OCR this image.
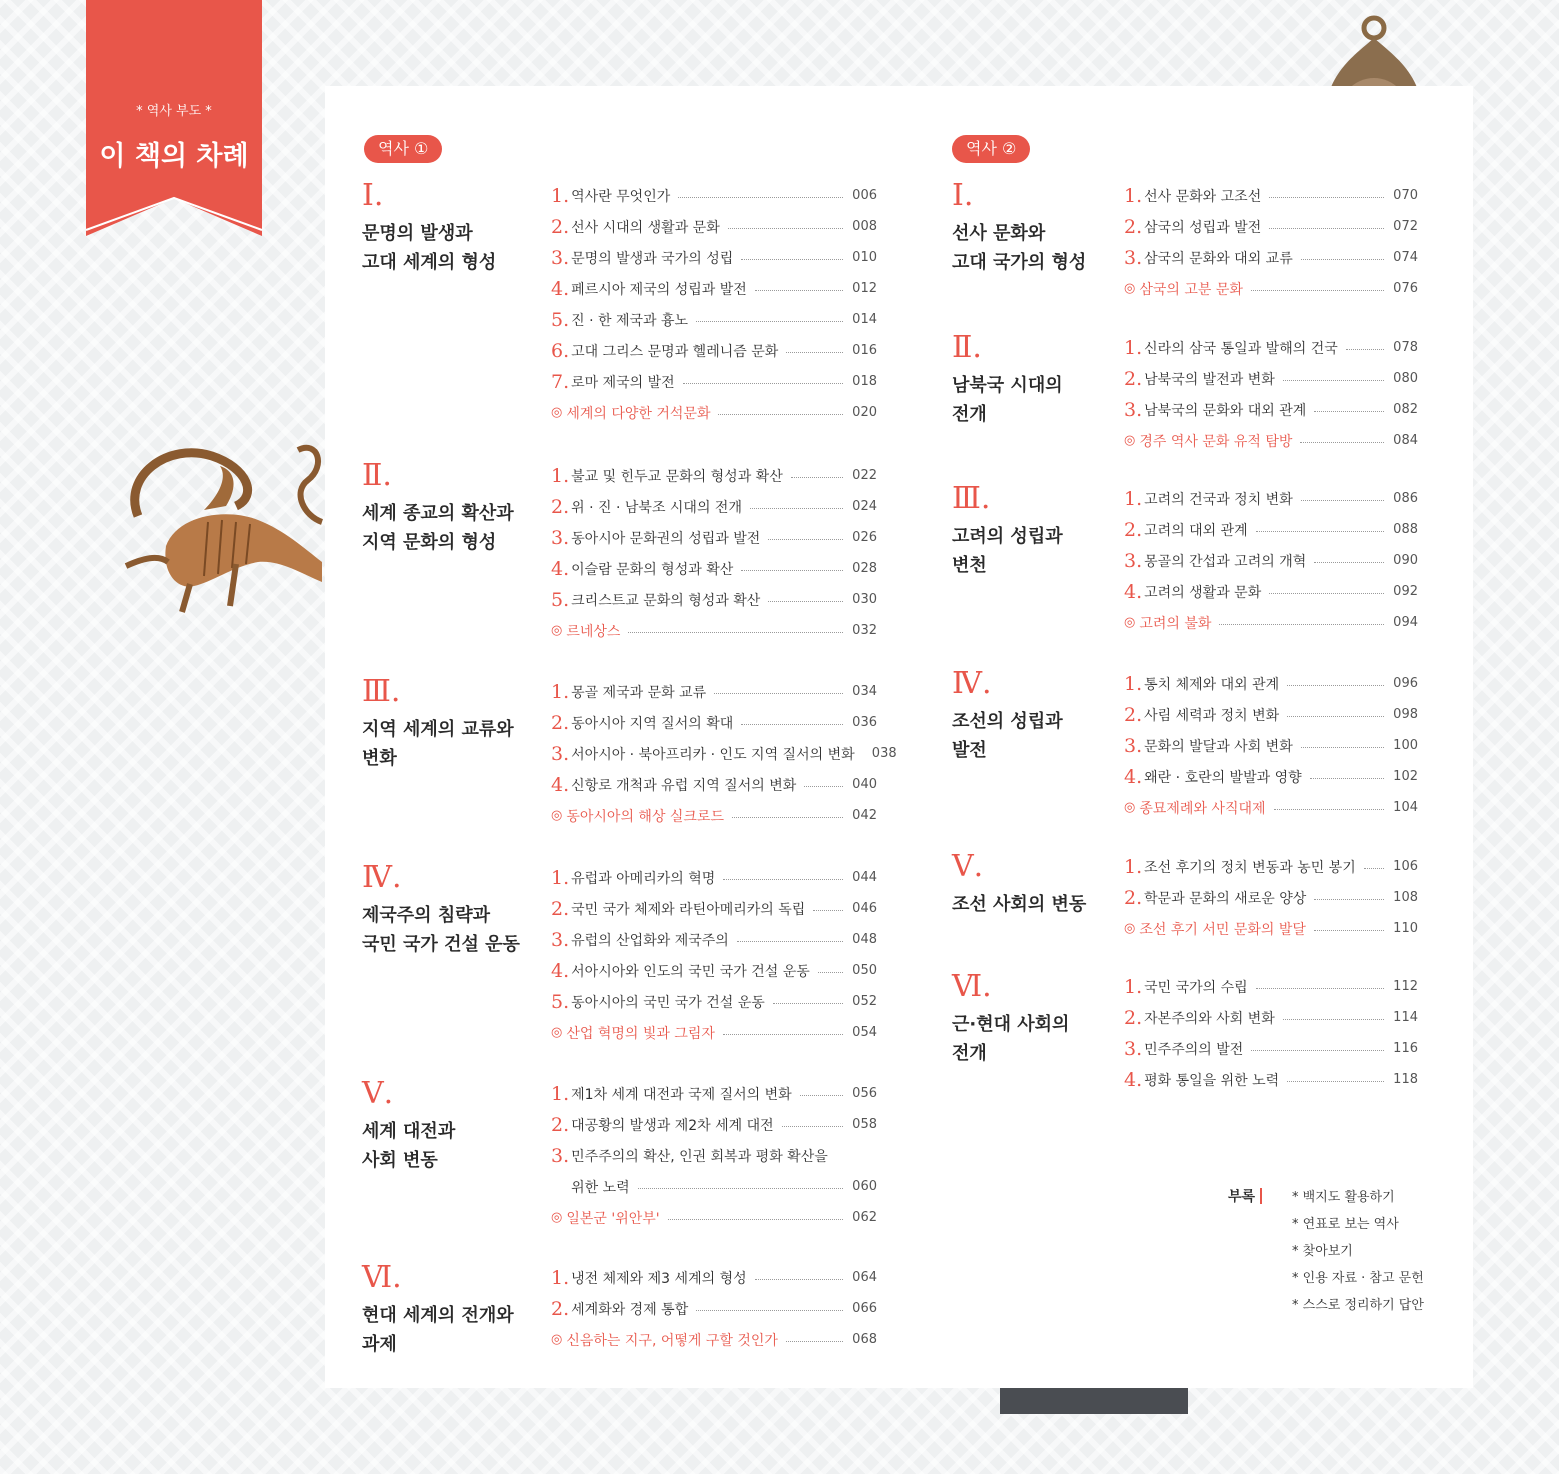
* 역사 부도 *
이 책의 차례	역사 ①	역사 ②
Ⅰ.
문명의 발생과
고대 세계의 형성
1. 역사란 무엇인가	006
2. 선사 시대의 생활과 문화	008
3. 문명의 발생과 국가의 성립	010
4. 페르시아 제국의 성립과 발전	012
5. 진 · 한 제국과 흉노	014
6. 고대 그리스 문명과 헬레니즘 문화	016
7. 로마 제국의 발전	018
◎ 세계의 다양한 거석문화	020
Ⅱ.
세계 종교의 확산과
지역 문화의 형성
1. 불교 및 힌두교 문화의 형성과 확산	022
2. 위 · 진 · 남북조 시대의 전개	024
3. 동아시아 문화권의 성립과 발전	026
4. 이슬람 문화의 형성과 확산	028
5. 크리스트교 문화의 형성과 확산	030
◎ 르네상스	032
Ⅲ.
지역 세계의 교류와
변화
1. 몽골 제국과 문화 교류	034
2. 동아시아 지역 질서의 확대	036
3. 서아시아 · 북아프리카 · 인도 지역 질서의 변화 038
4. 신항로 개척과 유럽 지역 질서의 변화	040
◎ 동아시아의 해상 실크로드	042
Ⅳ.
제국주의 침략과
국민 국가 건설 운동
1. 유럽과 아메리카의 혁명	044
2. 국민 국가 체제와 라틴아메리카의 독립	046
3. 유럽의 산업화와 제국주의	048
4. 서아시아와 인도의 국민 국가 건설 운동	050
5. 동아시아의 국민 국가 건설 운동	052
◎ 산업 혁명의 빛과 그림자	054
Ⅴ.
세계 대전과
사회 변동
1. 제1차 세계 대전과 국제 질서의 변화	056
2. 대공황의 발생과 제2차 세계 대전	058
3. 민주주의의 확산, 인권 회복과 평화 확산을
위한 노력	060
◎ 일본군 '위안부'	062
Ⅵ.
현대 세계의 전개와
과제
1. 냉전 체제와 제3 세계의 형성	064
2. 세계화와 경제 통합	066
◎ 신음하는 지구, 어떻게 구할 것인가	068
Ⅰ.
선사 문화와
고대 국가의 형성
1. 선사 문화와 고조선	070
2. 삼국의 성립과 발전	072
3. 삼국의 문화와 대외 교류	074
◎ 삼국의 고분 문화	076
Ⅱ.
남북국 시대의
전개
1. 신라의 삼국 통일과 발해의 건국	078
2. 남북국의 발전과 변화	080
3. 남북국의 문화와 대외 관계	082
◎ 경주 역사 문화 유적 탐방	084
Ⅲ.
고려의 성립과
변천
1. 고려의 건국과 정치 변화	086
2. 고려의 대외 관계	088
3. 몽골의 간섭과 고려의 개혁	090
4. 고려의 생활과 문화	092
◎ 고려의 불화	094
Ⅳ.
조선의 성립과
발전
1. 통치 체제와 대외 관계	096
2. 사림 세력과 정치 변화	098
3. 문화의 발달과 사회 변화	100
4. 왜란 · 호란의 발발과 영향	102
◎ 종묘제례와 사직대제	104
Ⅴ.
조선 사회의 변동
1. 조선 후기의 정치 변동과 농민 봉기	106
2. 학문과 문화의 새로운 양상	108
◎ 조선 후기 서민 문화의 발달	110
Ⅵ.
근·현대 사회의
전개
1. 국민 국가의 수립	112
2. 자본주의와 사회 변화	114
3. 민주주의의 발전	116
4. 평화 통일을 위한 노력	118
부록	* 백지도 활용하기
* 연표로 보는 역사
* 찾아보기
* 인용 자료 · 참고 문헌
* 스스로 정리하기 답안
